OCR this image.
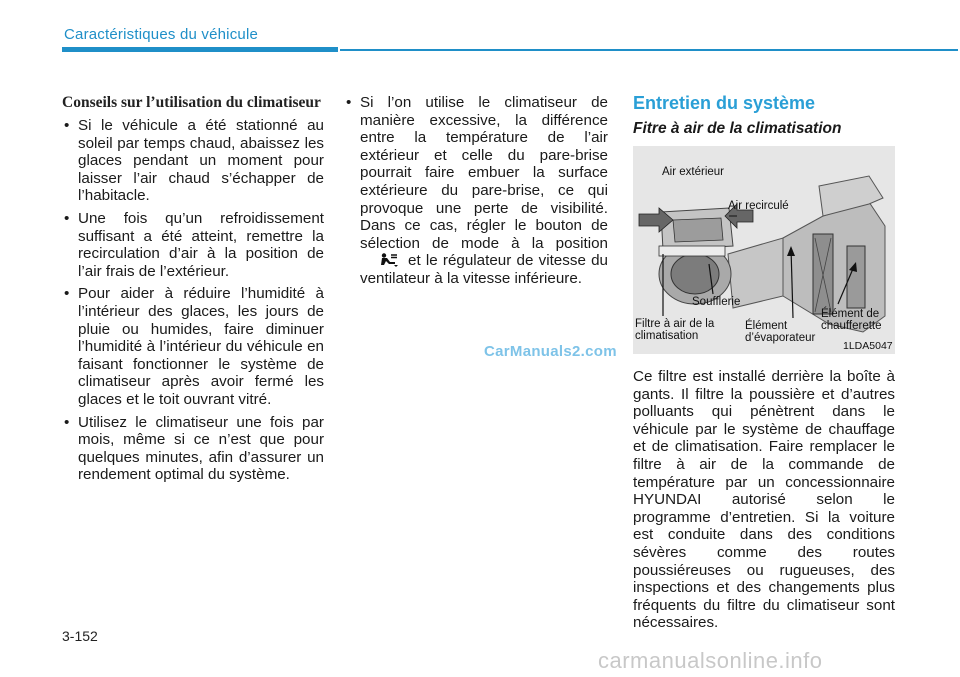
Caractéristiques du véhicule
Conseils sur l’utilisation du climatiseur
• Si le véhicule a été stationné au soleil par temps chaud, abaissez les glaces pendant un moment pour laisser l’air chaud s’échapper de l’habitacle.
• Une fois qu’un refroidissement suffisant a été atteint, remettre la recirculation d’air à la position de l’air frais de l’extérieur.
• Pour aider à réduire l’humidité à l’intérieur des glaces, les jours de pluie ou humides, faire diminuer l’humidité à l’intérieur du véhicule en faisant fonctionner le système de climatiseur après avoir fermé les glaces et le toit ouvrant vitré.
• Utilisez le climatiseur une fois par mois, même si ce n’est que pour quelques minutes, afin d’assurer un rendement optimal du système.
• Si l’on utilise le climatiseur de manière excessive, la différence entre la température de l’air extérieur et celle du pare-brise pourrait faire embuer la surface extérieure du pare-brise, ce qui provoque une perte de visibilité. Dans ce cas, régler le bouton de sélection de mode à la positionet le régulateur de vitesse du ventilateur à la vitesse inférieure.
Entretien du système
Fitre à air de la climatisation
Air extérieur
Air recirculé
Soufflerie
Filtre à air de la climatisation
Élément d’évaporateur
Élément de chaufferette
1LDA5047
Ce filtre est installé derrière la boîte à gants. Il filtre la poussière et d’autres polluants qui pénètrent dans le véhicule par le système de chauffage et de climatisation. Faire remplacer le filtre à air de la commande de température par un concessionnaire HYUNDAI autorisé selon le programme d’entretien. Si la voiture est conduite dans des conditions sévères comme des routes poussiéreuses ou rugueuses, des inspections et des changements plus fréquents du filtre du climatiseur sont nécessaires.
CarManuals2.com
3-152
carmanualsonline.info
